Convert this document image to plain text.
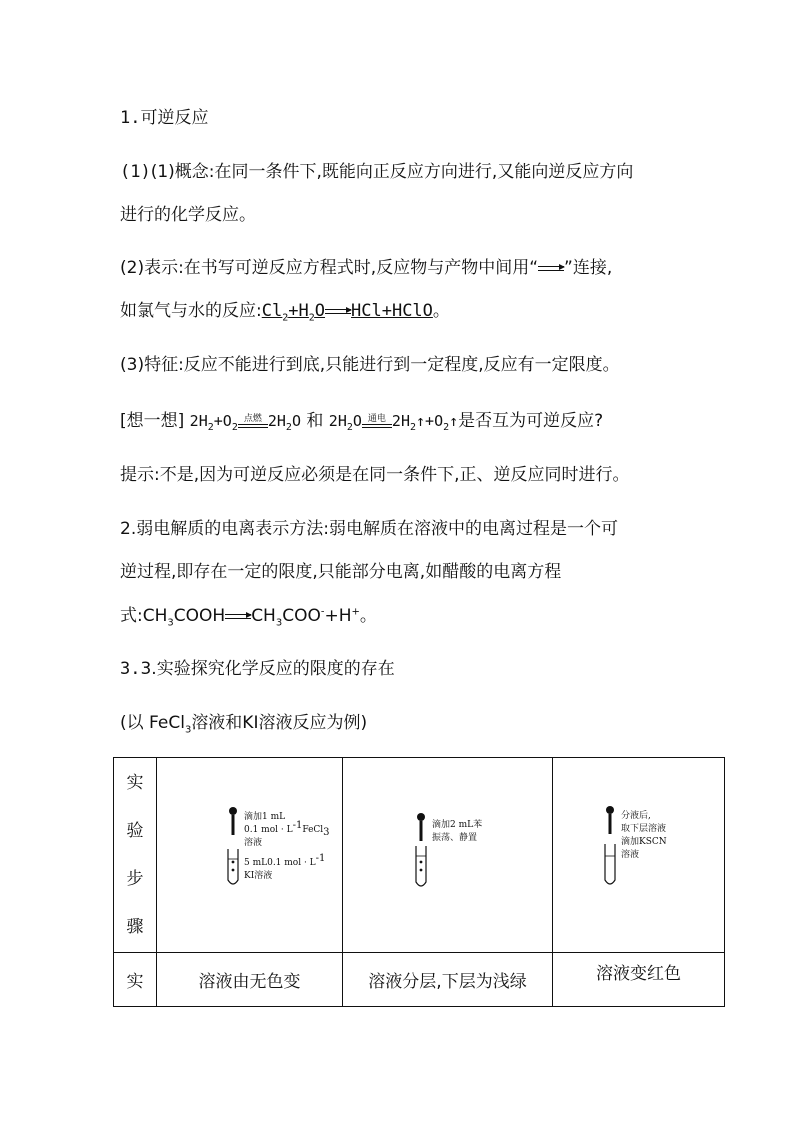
1.可逆反应
(1)(1)概念:在同一条件下,既能向正反应方向进行,又能向逆反应方向
进行的化学反应。
(2)表示:在书写可逆反应方程式时,反应物与产物中间用“ ”连接,
如氯气与水的反应$:Cl_2+H_2O$ HCl+HClO。
(3)特征:反应不能进行到底,只能进行到一定程度,反应有一定限度。
[想一想] $2H_2+O_2$
点燃 $2H_2O$ 和 $2H_2O$ 通电 $2H_2↑+O_2↑$是否互为可逆反应?
提示:不是,因为可逆反应必须是在同一条件下,正、逆反应同时进行。
2.弱电解质的电离表示方法:弱电解质在溶液中的电离过程是一个可
逆过程,即存在一定的限度,只能部分电离,如醋酸的电离方程
式$:CH_3COOH$ $CH_3COO^-+H^+$。
3.3.实验探究化学反应的限度的存在
(以 FeCl$_3$溶液和KI溶液反应为例)
实
验
步
骤	滴加1 mL
0.1 mol · $L^{-1}FeCl_3$
溶液
5 mL0.1 mol · $L^{-1}$
KI溶液	滴加2 mL苯
振荡、静置	分液后,
取下层溶液
滴加KSCN
溶液

实	溶液由无色变	溶液分层,下层为浅绿	溶液变红色
